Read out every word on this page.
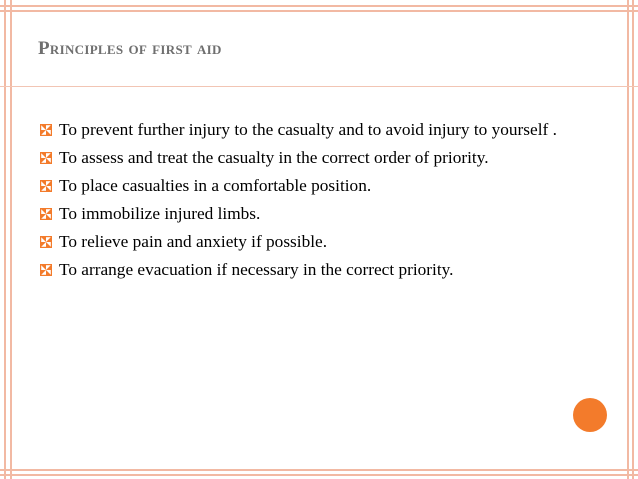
Principles of first aid
To prevent further injury to the casualty and to avoid injury to yourself .
To assess and treat the casualty in the correct order of priority.
To place casualties in a comfortable position.
To immobilize injured limbs.
To relieve pain and anxiety if possible.
To arrange evacuation if necessary in the correct priority.
